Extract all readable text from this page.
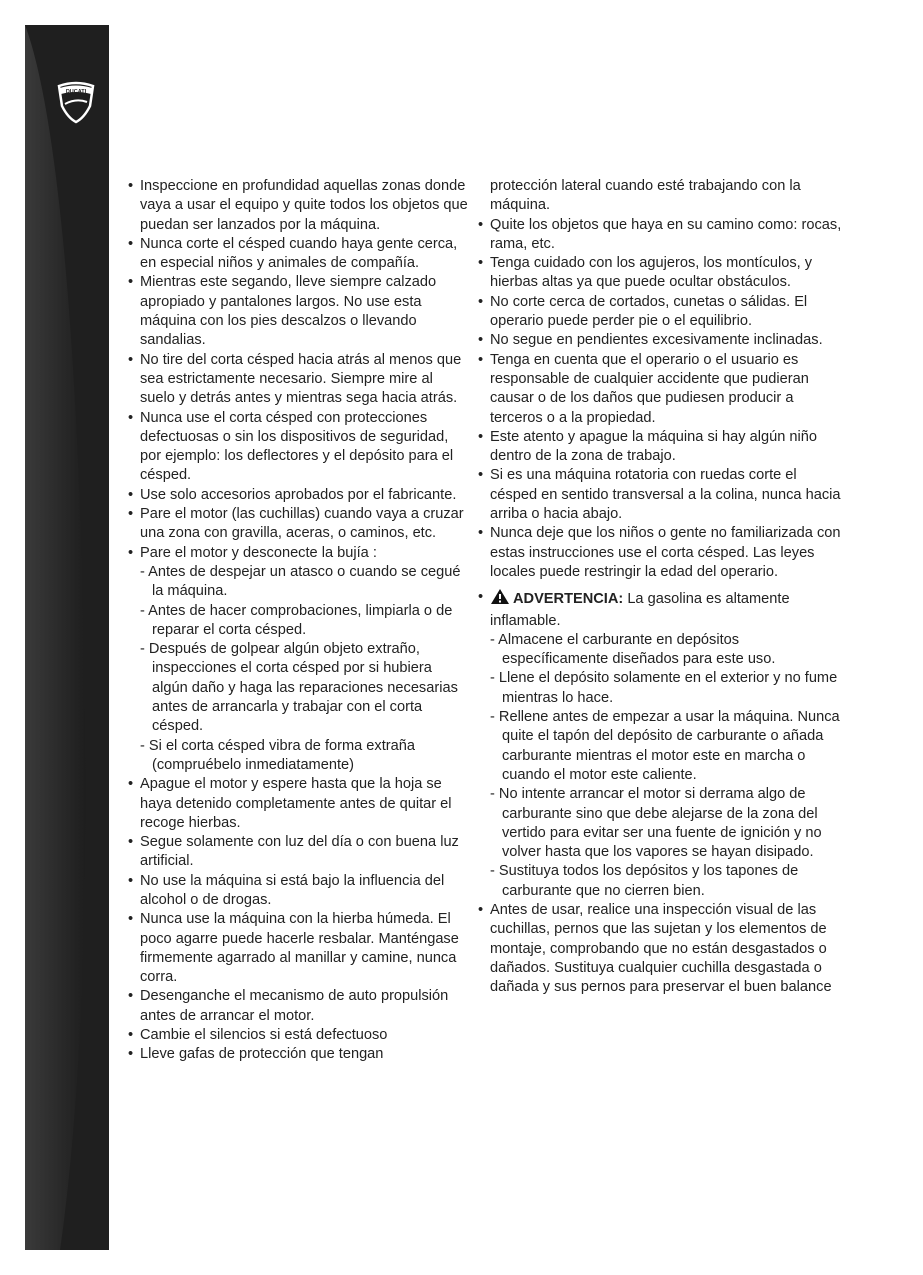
DUCATI

• Inspeccione en profundidad aquellas zonas donde vaya a usar el equipo y quite todos los objetos que puedan ser lanzados por la máquina.

• Nunca corte el césped cuando haya gente cerca, en especial niños y animales de compañía.

• Mientras este segando, lleve siempre calzado apropiado y pantalones largos. No use esta máquina con los pies descalzos o llevando sandalias.

• No tire del corta césped hacia atrás al menos que sea estrictamente necesario. Siempre mire al suelo y detrás antes y mientras sega hacia atrás.

• Nunca use el corta césped con protecciones defectuosas o sin los dispositivos de seguridad, por ejemplo: los deflectores y el depósito para el césped.

• Use solo accesorios aprobados por el fabricante.

• Pare el motor (las cuchillas) cuando vaya a cruzar una zona con gravilla, aceras, o caminos, etc.

• Pare el motor y desconecte la bujía :

- Antes de despejar un atasco o cuando se cegué la máquina.

- Antes de hacer comprobaciones, limpiarla o de reparar el corta césped.

- Después de golpear algún objeto extraño, inspecciones el corta césped por si hubiera algún daño y haga las reparaciones necesarias antes de arrancarla y trabajar con el corta césped.

- Si el corta césped vibra de forma extraña (compruébelo inmediatamente)

• Apague el motor y espere hasta que la hoja se haya detenido completamente antes de quitar el recoge hierbas.

• Segue solamente con luz del día o con buena luz artificial.

• No use la máquina si está bajo la influencia del alcohol o de drogas.

• Nunca use la máquina con la hierba húmeda. El poco agarre puede hacerle resbalar. Manténgase firmemente agarrado al manillar y camine, nunca corra.

• Desenganche el mecanismo de auto propulsión antes de arrancar el motor.

• Cambie el silencios si está defectuoso

• Lleve gafas de protección que tengan

protección lateral cuando esté trabajando con la máquina.

• Quite los objetos que haya en su camino como: rocas, rama, etc.

• Tenga cuidado con los agujeros, los montículos, y hierbas altas ya que puede ocultar obstáculos.

• No corte cerca de cortados, cunetas o sálidas. El operario puede perder pie o el equilibrio.

• No segue en pendientes excesivamente inclinadas.

• Tenga en cuenta que el operario o el usuario es responsable de cualquier accidente que pudieran causar o de los daños que pudiesen producir a terceros o a la propiedad.

• Este atento y apague la máquina si hay algún niño dentro de la zona de trabajo.

• Si es una máquina rotatoria con ruedas corte el césped en sentido transversal a la colina, nunca hacia arriba o hacia abajo.

• Nunca deje que los niños o gente no familiarizada con estas instrucciones use el corta césped. Las leyes locales puede restringir la edad del operario.

• ADVERTENCIA: La gasolina es altamente inflamable.

- Almacene el carburante en depósitos específicamente diseñados para este uso.

- Llene el depósito solamente en el exterior y no fume mientras lo hace.

- Rellene antes de empezar a usar la máquina. Nunca quite el tapón del depósito de carburante o añada carburante mientras el motor este en marcha o cuando el motor este caliente.

- No intente arrancar el motor si derrama algo de carburante sino que debe alejarse de la zona del vertido para evitar ser una fuente de ignición y no volver hasta que los vapores se hayan disipado.

- Sustituya todos los depósitos y los tapones de carburante que no cierren bien.

• Antes de usar, realice una inspección visual de las cuchillas, pernos que las sujetan y los elementos de montaje, comprobando que no están desgastados o dañados. Sustituya cualquier cuchilla desgastada o dañada y sus pernos para preservar el buen balance
